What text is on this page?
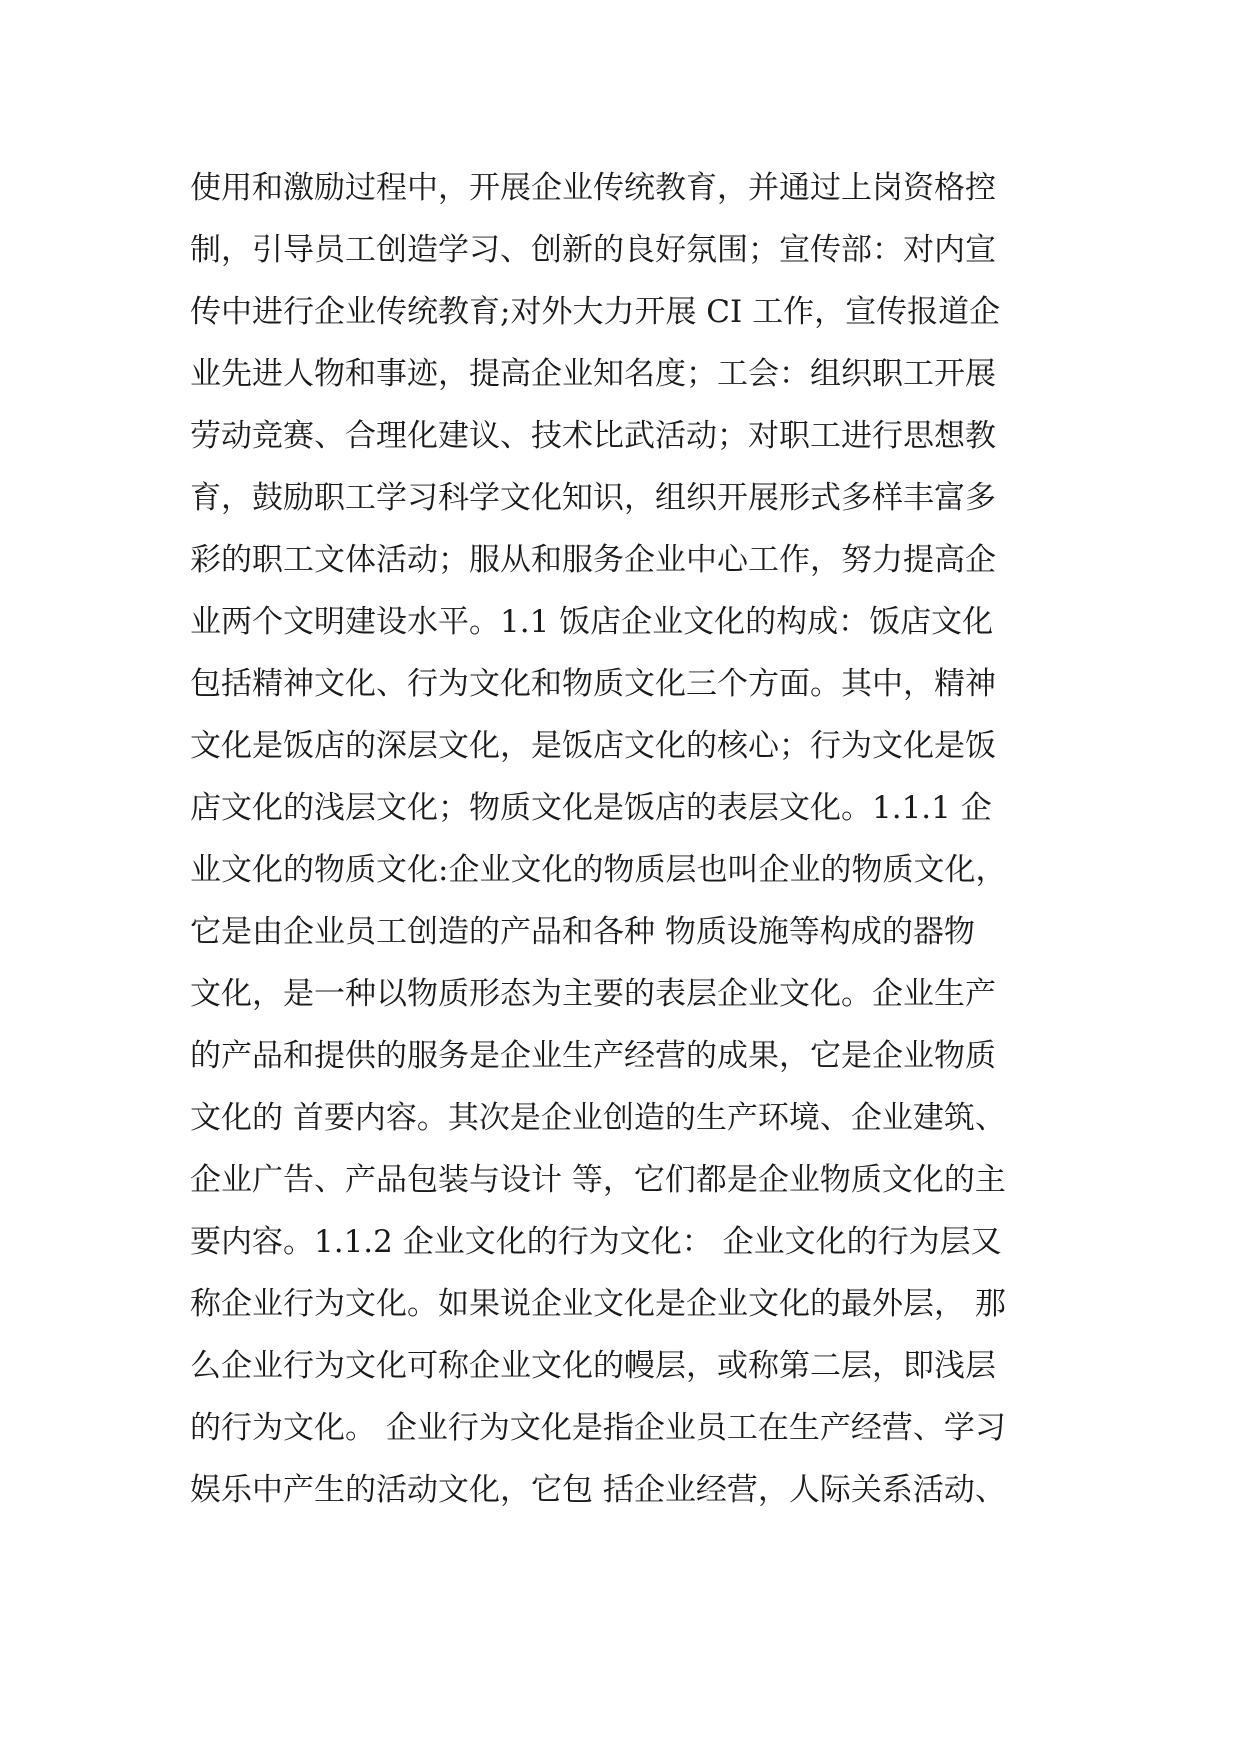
使用和激励过程中，开展企业传统教育，并通过上岗资格控
制，引导员工创造学习、创新的良好氛围；宣传部：对内宣
传中进行企业传统教育;对外大力开展 CI 工作，宣传报道企
业先进人物和事迹，提高企业知名度；工会：组织职工开展
劳动竞赛、合理化建议、技术比武活动；对职工进行思想教
育，鼓励职工学习科学文化知识，组织开展形式多样丰富多
彩的职工文体活动；服从和服务企业中心工作，努力提高企
业两个文明建设水平。1.1 饭店企业文化的构成：饭店文化
包括精神文化、行为文化和物质文化三个方面。其中，精神
文化是饭店的深层文化，是饭店文化的核心；行为文化是饭
店文化的浅层文化；物质文化是饭店的表层文化。1.1.1 企
业文化的物质文化:企业文化的物质层也叫企业的物质文化，
它是由企业员工创造的产品和各种 物质设施等构成的器物
文化，是一种以物质形态为主要的表层企业文化。企业生产
的产品和提供的服务是企业生产经营的成果，它是企业物质
文化的 首要内容。其次是企业创造的生产环境、企业建筑、
企业广告、产品包装与设计 等，它们都是企业物质文化的主
要内容。1.1.2 企业文化的行为文化： 企业文化的行为层又
称企业行为文化。如果说企业文化是企业文化的最外层， 那
么企业行为文化可称企业文化的幔层，或称第二层，即浅层
的行为文化。 企业行为文化是指企业员工在生产经营、学习
娱乐中产生的活动文化，它包 括企业经营，人际关系活动、
